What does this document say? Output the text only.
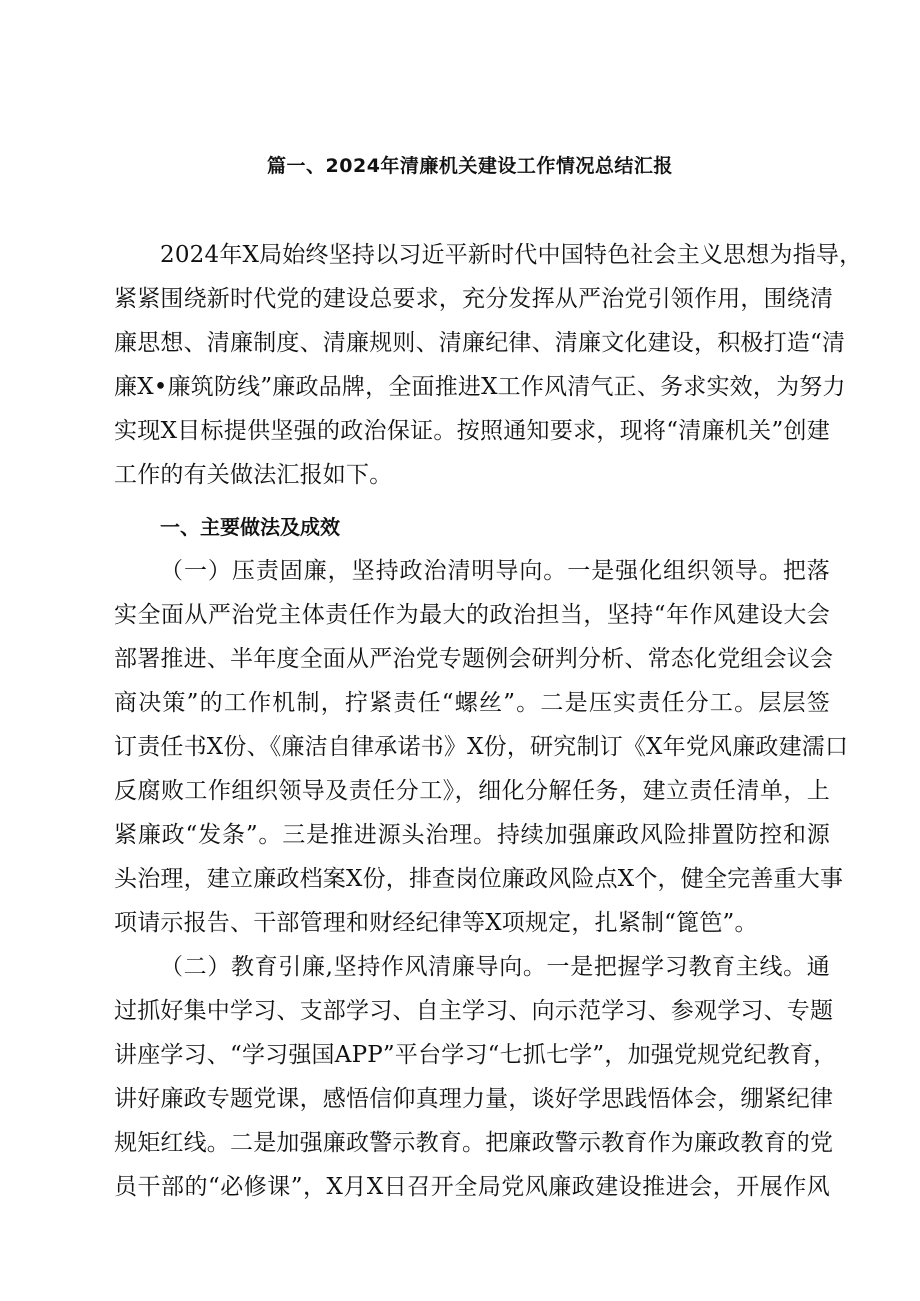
篇一、2024年清廉机关建设工作情况总结汇报
2024年X局始终坚持以习近平新时代中国特色社会主义思想为指导，
紧紧围绕新时代党的建设总要求，充分发挥从严治党引领作用，围绕清
廉思想、清廉制度、清廉规则、清廉纪律、清廉文化建设，积极打造“清
廉X•廉筑防线”廉政品牌，全面推进X工作风清气正、务求实效，为努力
实现X目标提供坚强的政治保证。按照通知要求，现将“清廉机关”创建
工作的有关做法汇报如下。
一、主要做法及成效
（一）压责固廉，坚持政治清明导向。一是强化组织领导。把落
实全面从严治党主体责任作为最大的政治担当，坚持“年作风建设大会
部署推进、半年度全面从严治党专题例会研判分析、常态化党组会议会
商决策”的工作机制，拧紧责任“螺丝”。二是压实责任分工。层层签
订责任书X份、《廉洁自律承诺书》X份，研究制订《X年党风廉政建濡口
反腐败工作组织领导及责任分工》，细化分解任务，建立责任清单，上
紧廉政“发条”。三是推进源头治理。持续加强廉政风险排置防控和源
头治理，建立廉政档案X份，排查岗位廉政风险点X个，健全完善重大事
项请示报告、干部管理和财经纪律等X项规定，扎紧制“篦笆”。
（二）教育引廉,坚持作风清廉导向。一是把握学习教育主线。通
过抓好集中学习、支部学习、自主学习、向示范学习、参观学习、专题
讲座学习、“学习强国APP”平台学习“七抓七学”，加强党规党纪教育，
讲好廉政专题党课，感悟信仰真理力量，谈好学思践悟体会，绷紧纪律
规矩红线。二是加强廉政警示教育。把廉政警示教育作为廉政教育的党
员干部的“必修课”，X月X日召开全局党风廉政建设推进会，开展作风
